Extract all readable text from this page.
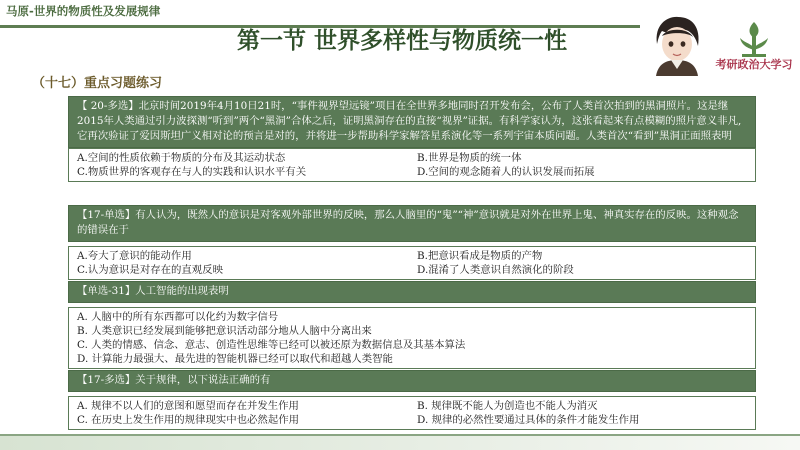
马原-世界的物质性及发展规律
第一节 世界多样性与物质统一性
考研政治大学习
（十七）重点习题练习
【 20-多选】北京时间2019年4月10日21时，“事件视界望远镜”项目在全世界多地同时召开发布会，公布了人类首次拍到的黑洞照片。这是继2015年人类通过引力波探测“听到”两个“黑洞”合体之后，证明黑洞存在的直接“视界”证据。有科学家认为，这张看起来有点模糊的照片意义非凡,它再次验证了爱因斯坦广义相对论的预言是对的，并将进一步帮助科学家解答星系演化等一系列宇宙本质问题。人类首次“看到”黑洞正面照表明
A.空间的性质依赖于物质的分布及其运动状态	B.世界是物质的统一体
C.物质世界的客观存在与人的实践和认识水平有关	D.空间的观念随着人的认识发展而拓展
【17-单选】有人认为，既然人的意识是对客观外部世界的反映，那么人脑里的“鬼”“神”意识就是对外在世界上鬼、神真实存在的反映。这种观念的错误在于
A.夸大了意识的能动作用	B.把意识看成是物质的产物
C.认为意识是对存在的直观反映	D.混淆了人类意识自然演化的阶段
【单选-31】人工智能的出现表明
A. 人脑中的所有东西都可以化约为数字信号
B. 人类意识已经发展到能够把意识活动部分地从人脑中分离出来
C. 人类的情感、信念、意志、创造性思维等已经可以被还原为数据信息及其基本算法
D. 计算能力最强大、最先进的智能机器已经可以取代和超越人类智能
【17-多选】关于规律，以下说法正确的有
A. 规律不以人们的意图和愿望而存在并发生作用	B. 规律既不能人为创造也不能人为消灭
C. 在历史上发生作用的规律现实中也必然起作用	D. 规律的必然性要通过具体的条件才能发生作用
